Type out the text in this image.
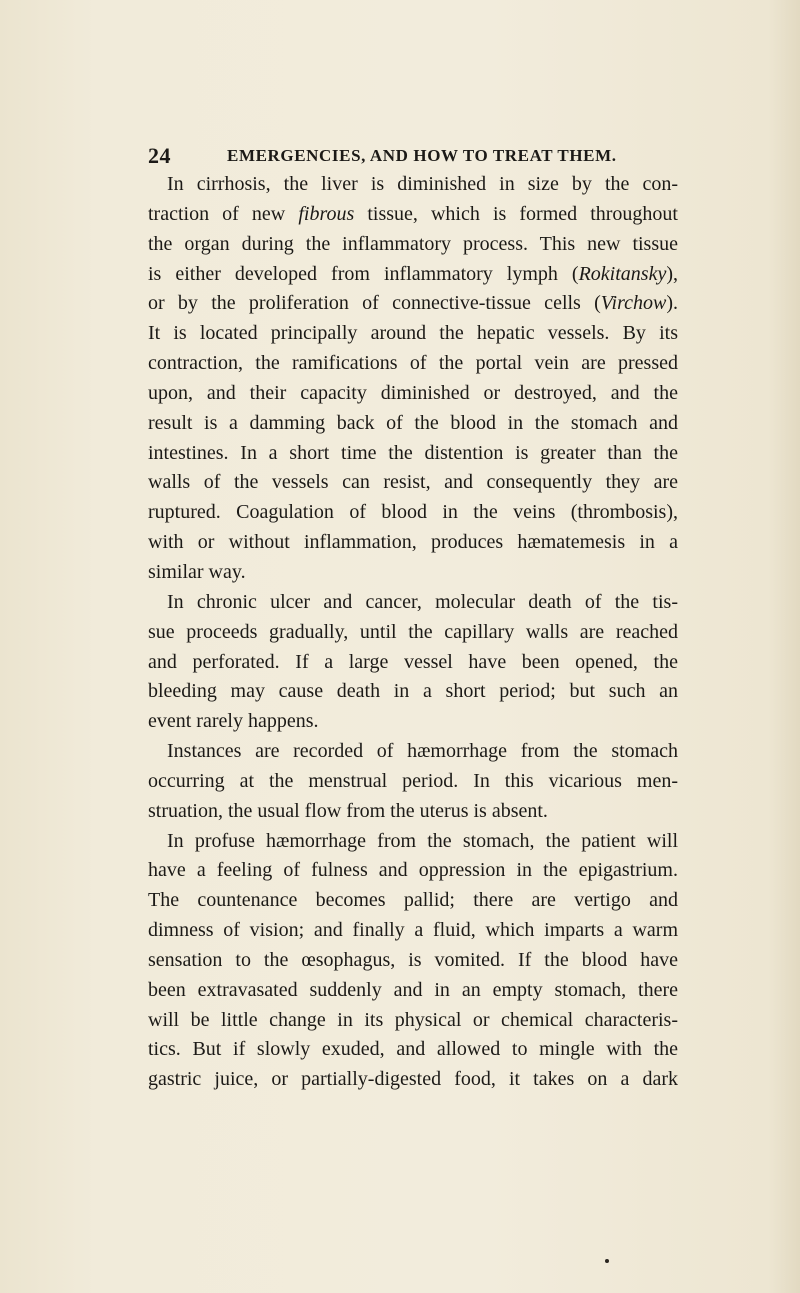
24	EMERGENCIES, AND HOW TO TREAT THEM.
In cirrhosis, the liver is diminished in size by the con-
traction of new fibrous tissue, which is formed throughout
the organ during the inflammatory process. This new tissue
is either developed from inflammatory lymph (Rokitansky),
or by the proliferation of connective-tissue cells (Virchow).
It is located principally around the hepatic vessels. By its
contraction, the ramifications of the portal vein are pressed
upon, and their capacity diminished or destroyed, and the
result is a damming back of the blood in the stomach and
intestines. In a short time the distention is greater than the
walls of the vessels can resist, and consequently they are
ruptured. Coagulation of blood in the veins (thrombosis),
with or without inflammation, produces hæmatemesis in a
similar way.
In chronic ulcer and cancer, molecular death of the tis-
sue proceeds gradually, until the capillary walls are reached
and perforated. If a large vessel have been opened, the
bleeding may cause death in a short period; but such an
event rarely happens.
Instances are recorded of hæmorrhage from the stomach
occurring at the menstrual period. In this vicarious men-
struation, the usual flow from the uterus is absent.
In profuse hæmorrhage from the stomach, the patient will
have a feeling of fulness and oppression in the epigastrium.
The countenance becomes pallid; there are vertigo and
dimness of vision; and finally a fluid, which imparts a warm
sensation to the œsophagus, is vomited. If the blood have
been extravasated suddenly and in an empty stomach, there
will be little change in its physical or chemical characteris-
tics. But if slowly exuded, and allowed to mingle with the
gastric juice, or partially-digested food, it takes on a dark
